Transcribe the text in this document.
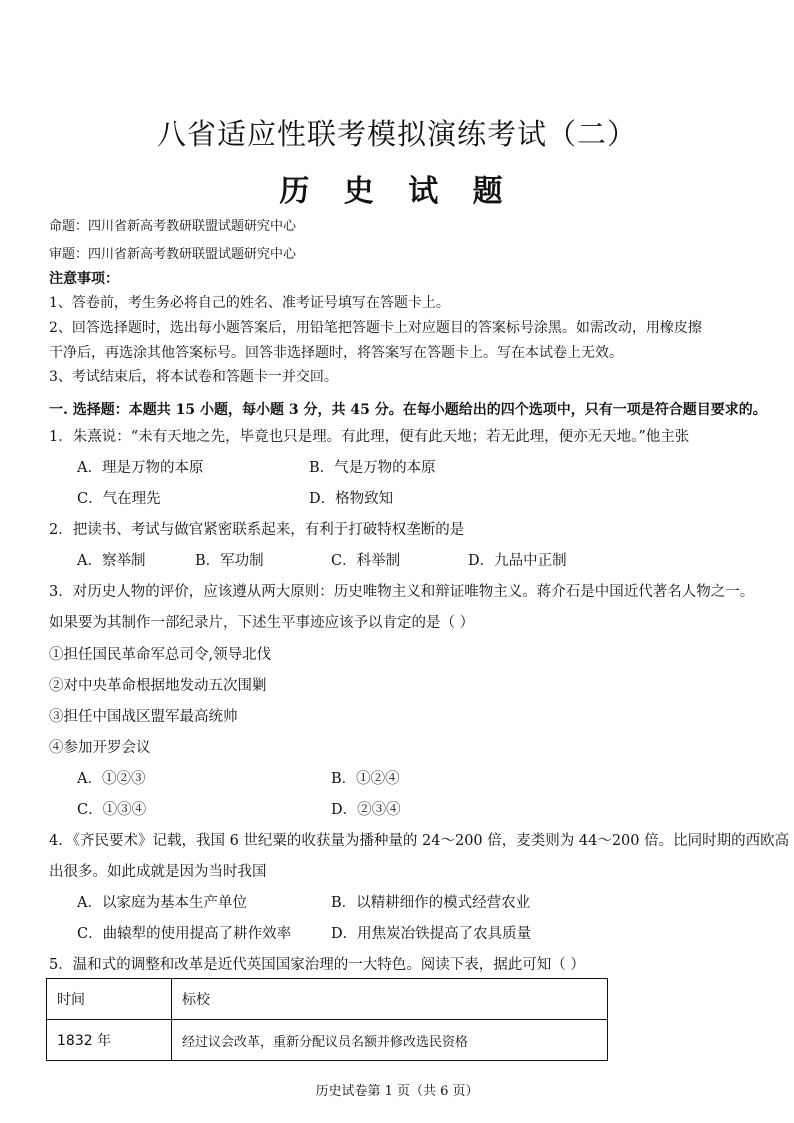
八省适应性联考模拟演练考试（二）
历 史 试 题
命题：四川省新高考教研联盟试题研究中心
审题：四川省新高考教研联盟试题研究中心
注意事项：
1、答卷前，考生务必将自己的姓名、准考证号填写在答题卡上。
2、回答选择题时，选出每小题答案后，用铅笔把答题卡上对应题目的答案标号涂黑。如需改动，用橡皮擦
干净后，再选涂其他答案标号。回答非选择题时，将答案写在答题卡上。写在本试卷上无效。
3、考试结束后，将本试卷和答题卡一并交回。
一. 选择题：本题共 15 小题，每小题 3 分，共 45 分。在每小题给出的四个选项中，只有一项是符合题目要求的。
1．朱熹说：“未有天地之先，毕竟也只是理。有此理，便有此天地；若无此理，便亦无天地。”他主张
A．理是万物的本原	B．气是万物的本原
C．气在理先	D．格物致知
2．把读书、考试与做官紧密联系起来，有利于打破特权垄断的是
A．察举制	B．军功制	C．科举制	D．九品中正制
3．对历史人物的评价，应该遵从两大原则：历史唯物主义和辩证唯物主义。蒋介石是中国近代著名人物之一。
如果要为其制作一部纪录片，下述生平事迹应该予以肯定的是（ ）
①担任国民革命军总司令,领导北伐
②对中央革命根据地发动五次围剿
③担任中国战区盟军最高统帅
④参加开罗会议
A．①②③	B．①②④
C．①③④	D．②③④
4．《齐民要术》记载，我国 6 世纪粟的收获量为播种量的 24～200 倍，麦类则为 44～200 倍。比同时期的西欧高
出很多。如此成就是因为当时我国
A．以家庭为基本生产单位	B．以精耕细作的模式经营农业
C．曲辕犁的使用提高了耕作效率	D．用焦炭冶铁提高了农具质量
5．温和式的调整和改革是近代英国国家治理的一大特色。阅读下表，据此可知（ ）
时间	标校
1832 年	经过议会改革，重新分配议员名额并修改选民资格
历史试卷第 1 页（共 6 页）
